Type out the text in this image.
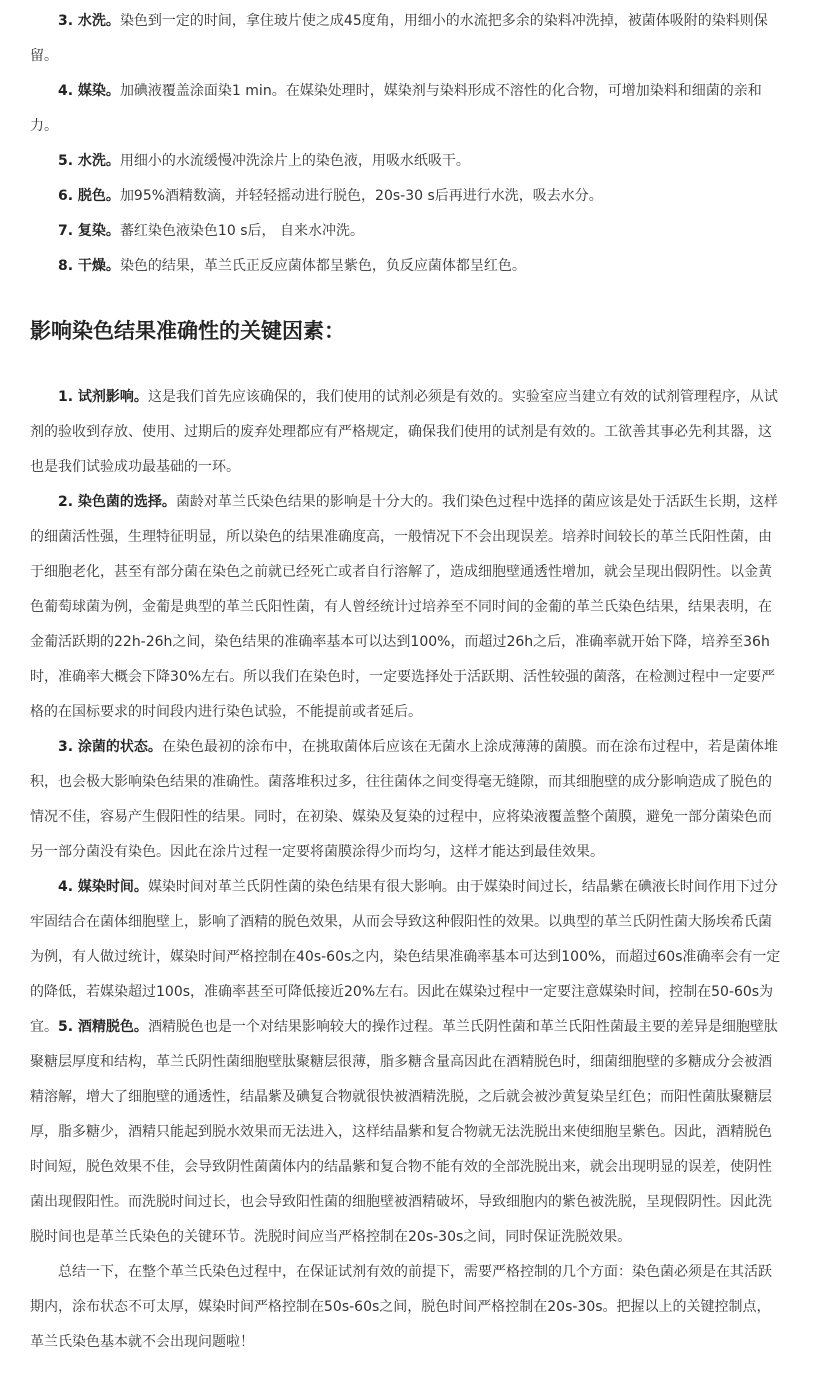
3. 水洗。染色到一定的时间，拿住玻片使之成45度角，用细小的水流把多余的染料冲洗掉，被菌体吸附的染料则保留。

4. 媒染。加碘液覆盖涂面染1 min。在媒染处理时，媒染剂与染料形成不溶性的化合物，可增加染料和细菌的亲和力。

5. 水洗。用细小的水流缓慢冲洗涂片上的染色液，用吸水纸吸干。

6. 脱色。加95%酒精数滴，并轻轻摇动进行脱色，20s-30 s后再进行水洗，吸去水分。

7. 复染。蕃红染色液染色10 s后， 自来水冲洗。

8. 干燥。染色的结果，革兰氏正反应菌体都呈紫色，负反应菌体都呈红色。

影响染色结果准确性的关键因素：

1. 试剂影响。这是我们首先应该确保的，我们使用的试剂必须是有效的。实验室应当建立有效的试剂管理程序，从试剂的验收到存放、使用、过期后的废弃处理都应有严格规定，确保我们使用的试剂是有效的。工欲善其事必先利其器，这也是我们试验成功最基础的一环。

2. 染色菌的选择。菌龄对革兰氏染色结果的影响是十分大的。我们染色过程中选择的菌应该是处于活跃生长期，这样的细菌活性强，生理特征明显，所以染色的结果准确度高，一般情况下不会出现误差。培养时间较长的革兰氏阳性菌，由于细胞老化，甚至有部分菌在染色之前就已经死亡或者自行溶解了，造成细胞壁通透性增加，就会呈现出假阴性。以金黄色葡萄球菌为例，金葡是典型的革兰氏阳性菌，有人曾经统计过培养至不同时间的金葡的革兰氏染色结果，结果表明，在金葡活跃期的22h-26h之间，染色结果的准确率基本可以达到100%，而超过26h之后，准确率就开始下降，培养至36h时，准确率大概会下降30%左右。所以我们在染色时，一定要选择处于活跃期、活性较强的菌落，在检测过程中一定要严格的在国标要求的时间段内进行染色试验，不能提前或者延后。

3. 涂菌的状态。在染色最初的涂布中，在挑取菌体后应该在无菌水上涂成薄薄的菌膜。而在涂布过程中，若是菌体堆积，也会极大影响染色结果的准确性。菌落堆积过多，往往菌体之间变得毫无缝隙，而其细胞壁的成分影响造成了脱色的情况不佳，容易产生假阳性的结果。同时，在初染、媒染及复染的过程中，应将染液覆盖整个菌膜，避免一部分菌染色而另一部分菌没有染色。因此在涂片过程一定要将菌膜涂得少而均匀，这样才能达到最佳效果。

4. 媒染时间。媒染时间对革兰氏阴性菌的染色结果有很大影响。由于媒染时间过长，结晶紫在碘液长时间作用下过分牢固结合在菌体细胞壁上，影响了酒精的脱色效果，从而会导致这种假阳性的效果。以典型的革兰氏阴性菌大肠埃希氏菌为例，有人做过统计，媒染时间严格控制在40s-60s之内，染色结果准确率基本可达到100%，而超过60s准确率会有一定的降低，若媒染超过100s，准确率甚至可降低接近20%左右。因此在媒染过程中一定要注意媒染时间，控制在50-60s为宜。 5. 酒精脱色。酒精脱色也是一个对结果影响较大的操作过程。革兰氏阴性菌和革兰氏阳性菌最主要的差异是细胞壁肽聚糖层厚度和结构，革兰氏阴性菌细胞壁肽聚糖层很薄，脂多糖含量高因此在酒精脱色时，细菌细胞壁的多糖成分会被酒精溶解，增大了细胞壁的通透性，结晶紫及碘复合物就很快被酒精洗脱，之后就会被沙黄复染呈红色；而阳性菌肽聚糖层厚，脂多糖少，酒精只能起到脱水效果而无法进入，这样结晶紫和复合物就无法洗脱出来使细胞呈紫色。因此，酒精脱色时间短，脱色效果不佳，会导致阴性菌菌体内的结晶紫和复合物不能有效的全部洗脱出来，就会出现明显的误差，使阴性菌出现假阳性。而洗脱时间过长，也会导致阳性菌的细胞壁被酒精破坏，导致细胞内的紫色被洗脱，呈现假阴性。因此洗脱时间也是革兰氏染色的关键环节。洗脱时间应当严格控制在20s-30s之间，同时保证洗脱效果。

总结一下，在整个革兰氏染色过程中，在保证试剂有效的前提下，需要严格控制的几个方面：染色菌必须是在其活跃期内，涂布状态不可太厚，媒染时间严格控制在50s-60s之间，脱色时间严格控制在20s-30s。把握以上的关键控制点，革兰氏染色基本就不会出现问题啦！
